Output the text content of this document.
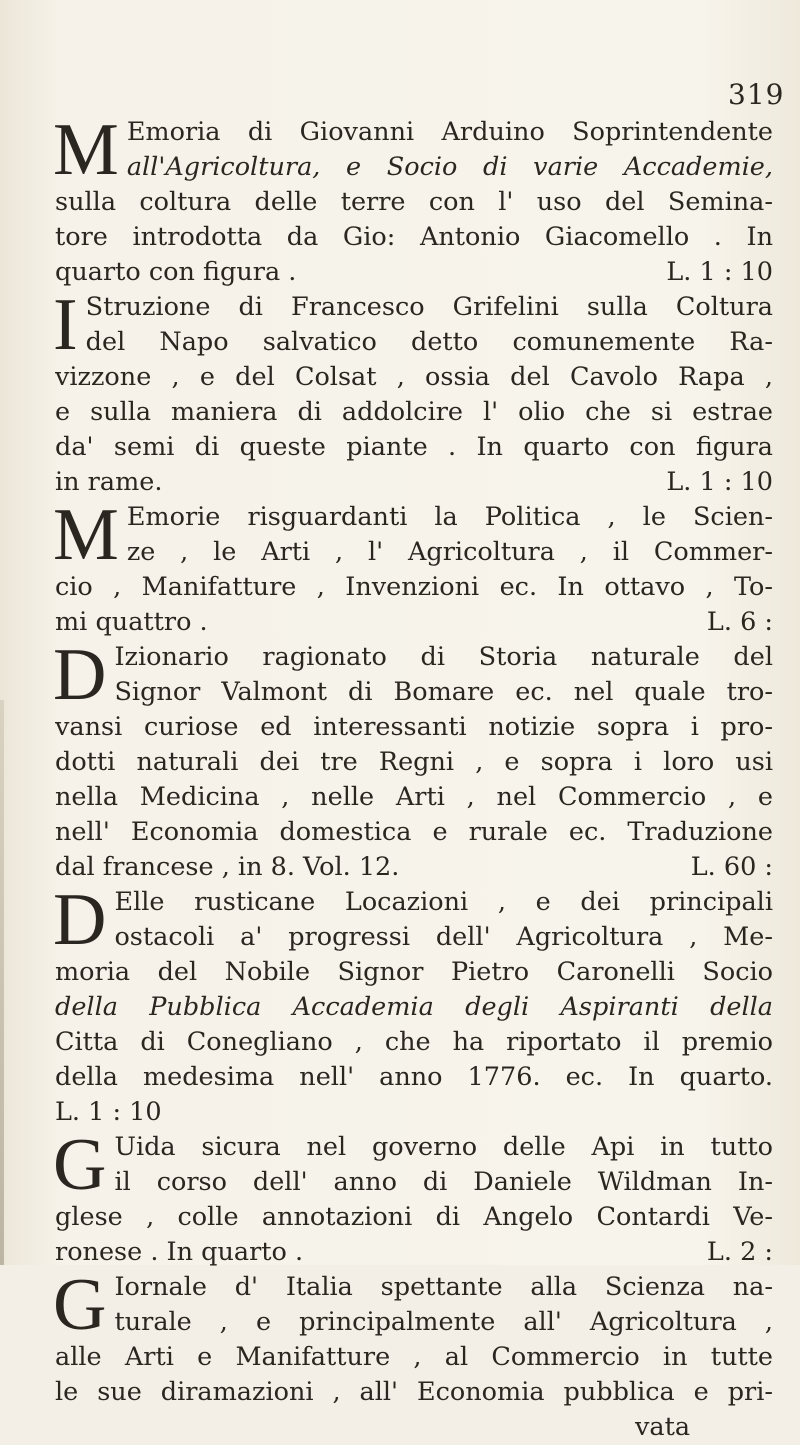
319
M Emoria di Giovanni Arduino Soprintendente
all'Agricoltura, e Socio di varie Accademie,
sulla coltura delle terre con l' uso del Semina-
tore introdotta da Gio: Antonio Giacomello . In
quarto con figura .	L. 1 : 10
I Struzione di Francesco Grifelini sulla Coltura
del Napo salvatico detto comunemente Ra-
vizzone , e del Colsat , ossia del Cavolo Rapa ,
e sulla maniera di addolcire l' olio che si estrae
da' semi di queste piante . In quarto con figura
in rame.	L. 1 : 10
M Emorie risguardanti la Politica , le Scien-
ze , le Arti , l' Agricoltura , il Commer-
cio , Manifatture , Invenzioni ec. In ottavo , To-
mi quattro .	L. 6 :
D Izionario ragionato di Storia naturale del
Signor Valmont di Bomare ec. nel quale tro-
vansi curiose ed interessanti notizie sopra i pro-
dotti naturali dei tre Regni , e sopra i loro usi
nella Medicina , nelle Arti , nel Commercio , e
nell' Economia domestica e rurale ec. Traduzione
dal francese , in 8. Vol. 12.	L. 60 :
D Elle rusticane Locazioni , e dei principali
ostacoli a' progressi dell' Agricoltura , Me-
moria del Nobile Signor Pietro Caronelli Socio
della Pubblica Accademia degli Aspiranti della
Citta di Conegliano , che ha riportato il premio
della medesima nell' anno 1776. ec. In quarto.
L. 1 : 10
G Uida sicura nel governo delle Api in tutto
il corso dell' anno di Daniele Wildman In-
glese , colle annotazioni di Angelo Contardi Ve-
ronese . In quarto .	L. 2 :
G Iornale d' Italia spettante alla Scienza na-
turale , e principalmente all' Agricoltura ,
alle Arti e Manifatture , al Commercio in tutte
le sue diramazioni , all' Economia pubblica e pri-
vata
